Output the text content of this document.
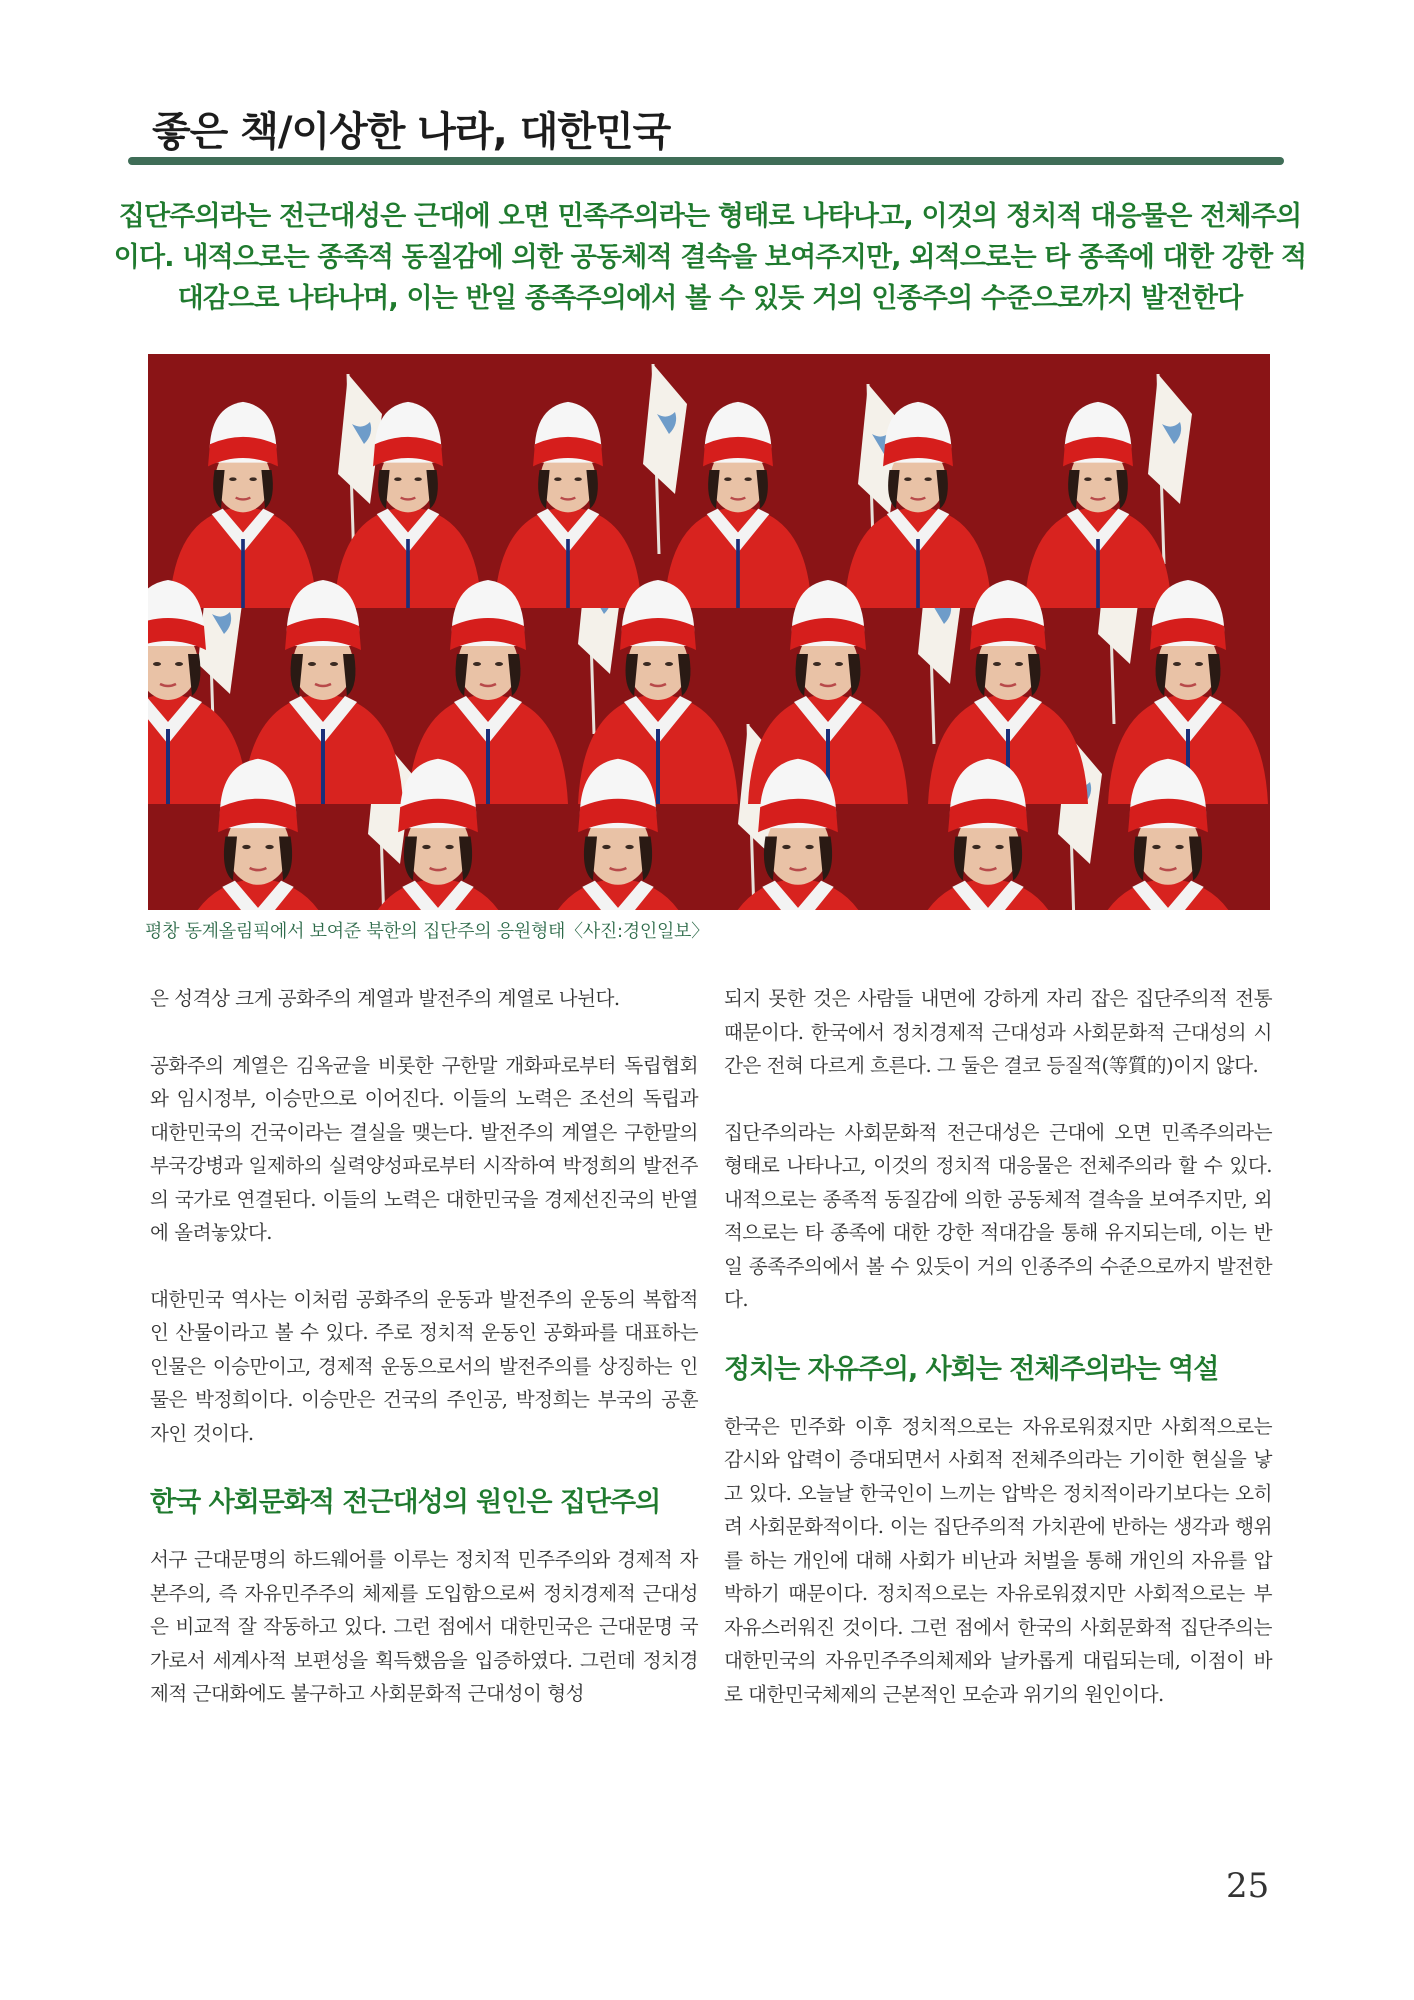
좋은 책/이상한 나라, 대한민국
집단주의라는 전근대성은 근대에 오면 민족주의라는 형태로 나타나고, 이것의 정치적 대응물은 전체주의이다. 내적으로는 종족적 동질감에 의한 공동체적 결속을 보여주지만, 외적으로는 타 종족에 대한 강한 적대감으로 나타나며, 이는 반일 종족주의에서 볼 수 있듯 거의 인종주의 수준으로까지 발전한다
평창 동계올림픽에서 보여준 북한의 집단주의 응원형태〈사진:경인일보〉

은 성격상 크게 공화주의 계열과 발전주의 계열로 나뉜다.

공화주의 계열은 김옥균을 비롯한 구한말 개화파로부터 독립협회와 임시정부, 이승만으로 이어진다. 이들의 노력은 조선의 독립과 대한민국의 건국이라는 결실을 맺는다. 발전주의 계열은 구한말의 부국강병과 일제하의 실력양성파로부터 시작하여 박정희의 발전주의 국가로 연결된다. 이들의 노력은 대한민국을 경제선진국의 반열에 올려놓았다.

대한민국 역사는 이처럼 공화주의 운동과 발전주의 운동의 복합적인 산물이라고 볼 수 있다. 주로 정치적 운동인 공화파를 대표하는 인물은 이승만이고, 경제적 운동으로서의 발전주의를 상징하는 인물은 박정희이다. 이승만은 건국의 주인공, 박정희는 부국의 공훈자인 것이다.

한국 사회문화적 전근대성의 원인은 집단주의

서구 근대문명의 하드웨어를 이루는 정치적 민주주의와 경제적 자본주의, 즉 자유민주주의 체제를 도입함으로써 정치경제적 근대성은 비교적 잘 작동하고 있다. 그런 점에서 대한민국은 근대문명 국가로서 세계사적 보편성을 획득했음을 입증하였다. 그런데 정치경제적 근대화에도 불구하고 사회문화적 근대성이 형성

되지 못한 것은 사람들 내면에 강하게 자리 잡은 집단주의적 전통 때문이다. 한국에서 정치경제적 근대성과 사회문화적 근대성의 시간은 전혀 다르게 흐른다. 그 둘은 결코 등질적(等質的)이지 않다.

집단주의라는 사회문화적 전근대성은 근대에 오면 민족주의라는 형태로 나타나고, 이것의 정치적 대응물은 전체주의라 할 수 있다. 내적으로는 종족적 동질감에 의한 공동체적 결속을 보여주지만, 외적으로는 타 종족에 대한 강한 적대감을 통해 유지되는데, 이는 반일 종족주의에서 볼 수 있듯이 거의 인종주의 수준으로까지 발전한다.

정치는 자유주의, 사회는 전체주의라는 역설

한국은 민주화 이후 정치적으로는 자유로워졌지만 사회적으로는 감시와 압력이 증대되면서 사회적 전체주의라는 기이한 현실을 낳고 있다. 오늘날 한국인이 느끼는 압박은 정치적이라기보다는 오히려 사회문화적이다. 이는 집단주의적 가치관에 반하는 생각과 행위를 하는 개인에 대해 사회가 비난과 처벌을 통해 개인의 자유를 압박하기 때문이다. 정치적으로는 자유로워졌지만 사회적으로는 부자유스러워진 것이다. 그런 점에서 한국의 사회문화적 집단주의는 대한민국의 자유민주주의체제와 날카롭게 대립되는데, 이점이 바로 대한민국체제의 근본적인 모순과 위기의 원인이다.

25
